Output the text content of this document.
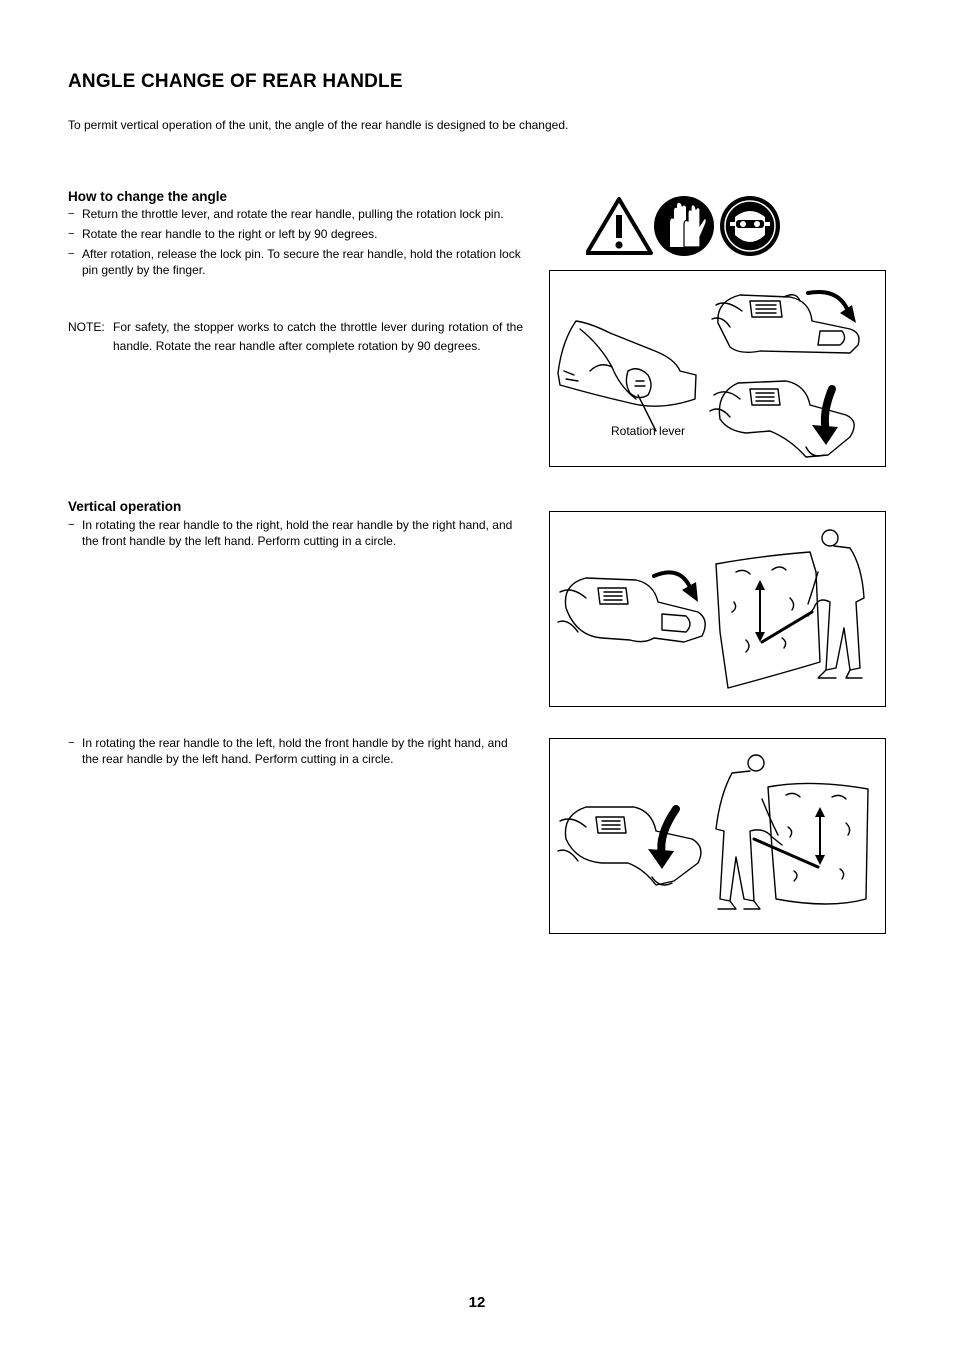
ANGLE CHANGE OF REAR HANDLE
To permit vertical operation of the unit, the angle of the rear handle is designed to be changed.
How to change the angle
− Return the throttle lever, and rotate the rear handle, pulling the rotation lock pin.
− Rotate the rear handle to the right or left by 90 degrees.
− After rotation, release the lock pin. To secure the rear handle, hold the rotation lock pin gently by the finger.
NOTE: For safety, the stopper works to catch the throttle lever during rotation of the handle. Rotate the rear handle after complete rotation by 90 degrees.
Rotation lever
Vertical operation
− In rotating the rear handle to the right, hold the rear handle by the right hand, and the front handle by the left hand. Perform cutting in a circle.
− In rotating the rear handle to the left, hold the front handle by the right hand, and the rear handle by the left hand. Perform cutting in a circle.
12
